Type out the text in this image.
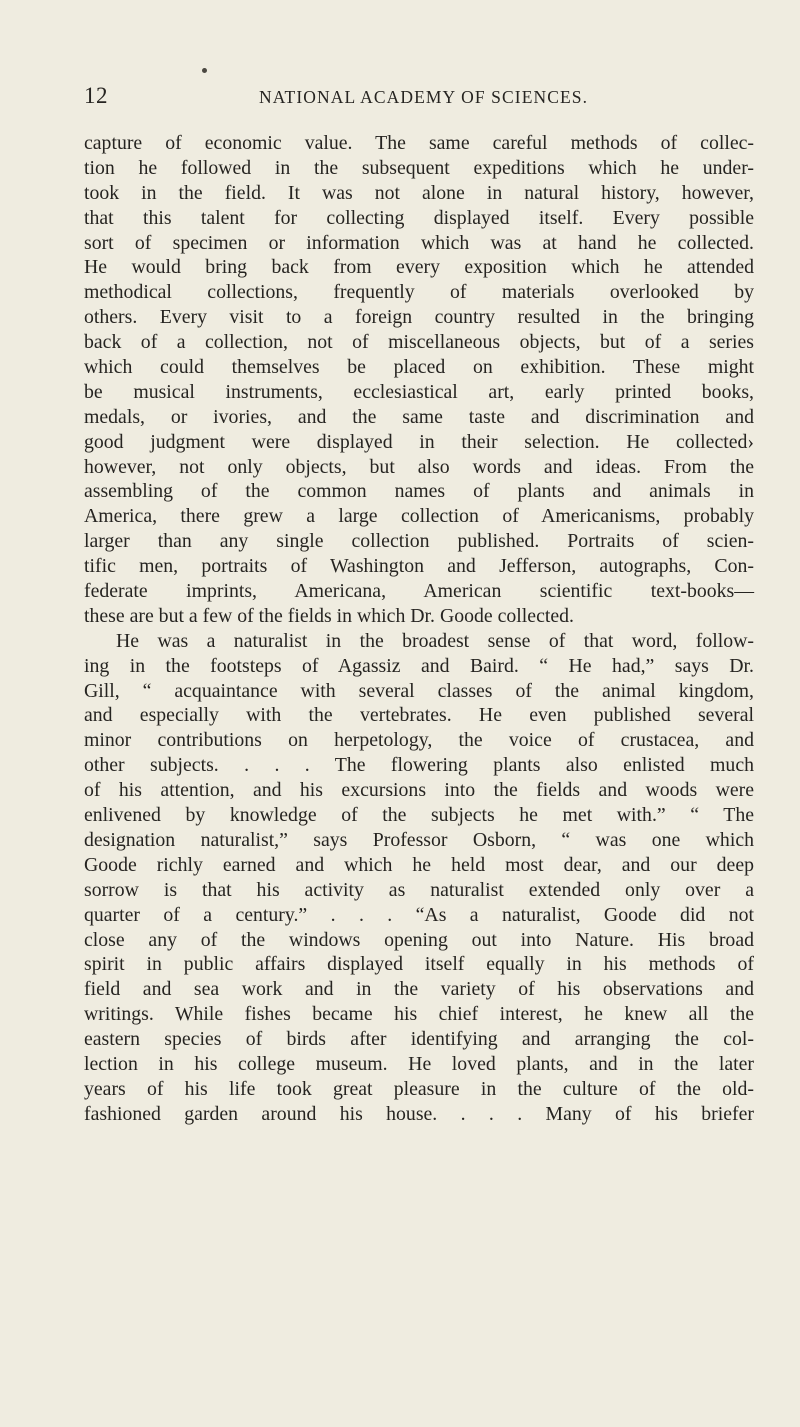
12	NATIONAL ACADEMY OF SCIENCES.
capture of economic value. The same careful methods of collec-
tion he followed in the subsequent expeditions which he under-
took in the field. It was not alone in natural history, however,
that this talent for collecting displayed itself. Every possible
sort of specimen or information which was at hand he collected.
He would bring back from every exposition which he attended
methodical collections, frequently of materials overlooked by
others. Every visit to a foreign country resulted in the bringing
back of a collection, not of miscellaneous objects, but of a series
which could themselves be placed on exhibition. These might
be musical instruments, ecclesiastical art, early printed books,
medals, or ivories, and the same taste and discrimination and
good judgment were displayed in their selection. He collected›
however, not only objects, but also words and ideas. From the
assembling of the common names of plants and animals in
America, there grew a large collection of Americanisms, probably
larger than any single collection published. Portraits of scien-
tific men, portraits of Washington and Jefferson, autographs, Con-
federate imprints, Americana, American scientific text-books—
these are but a few of the fields in which Dr. Goode collected.
He was a naturalist in the broadest sense of that word, follow-
ing in the footsteps of Agassiz and Baird. “ He had,” says Dr.
Gill, “ acquaintance with several classes of the animal kingdom,
and especially with the vertebrates. He even published several
minor contributions on herpetology, the voice of crustacea, and
other subjects. . . . The flowering plants also enlisted much
of his attention, and his excursions into the fields and woods were
enlivened by knowledge of the subjects he met with.” “ The
designation naturalist,” says Professor Osborn, “ was one which
Goode richly earned and which he held most dear, and our deep
sorrow is that his activity as naturalist extended only over a
quarter of a century.” . . . “As a naturalist, Goode did not
close any of the windows opening out into Nature. His broad
spirit in public affairs displayed itself equally in his methods of
field and sea work and in the variety of his observations and
writings. While fishes became his chief interest, he knew all the
eastern species of birds after identifying and arranging the col-
lection in his college museum. He loved plants, and in the later
years of his life took great pleasure in the culture of the old-
fashioned garden around his house. . . . Many of his briefer
